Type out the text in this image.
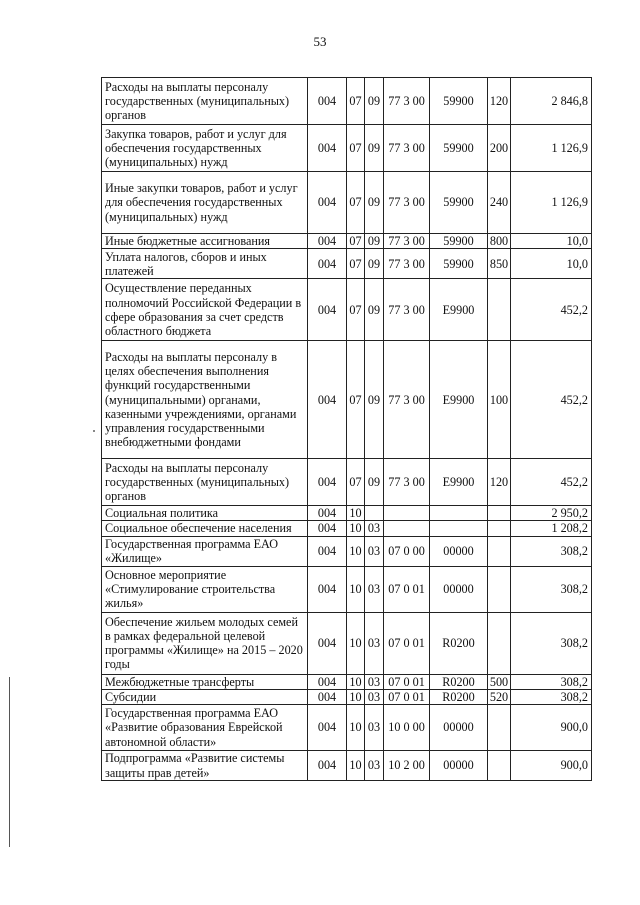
53
Расходы на выплаты персоналу государственных (муниципальных) органов	004	07	09	77 3 00	59900	120	2 846,8
Закупка товаров, работ и услуг для обеспечения государственных (муниципальных) нужд	004	07	09	77 3 00	59900	200	1 126,9
Иные закупки товаров, работ и услуг для обеспечения государственных (муниципальных) нужд	004	07	09	77 3 00	59900	240	1 126,9
Иные бюджетные ассигнования	004	07	09	77 3 00	59900	800	10,0
Уплата налогов, сборов и иных платежей	004	07	09	77 3 00	59900	850	10,0
Осуществление переданных полномочий Российской Федерации в сфере образования за счет средств областного бюджета	004	07	09	77 3 00	E9900		452,2
Расходы на выплаты персоналу в целях обеспечения выполнения функций государственными (муниципальными) органами, казенными учреждениями, органами управления государственными внебюджетными фондами	004	07	09	77 3 00	E9900	100	452,2
Расходы на выплаты персоналу государственных (муниципальных) органов	004	07	09	77 3 00	E9900	120	452,2
Социальная политика	004	10					2 950,2
Социальное обеспечение населения	004	10	03				1 208,2
Государственная программа ЕАО «Жилище»	004	10	03	07 0 00	00000		308,2
Основное мероприятие «Стимулирование строительства жилья»	004	10	03	07 0 01	00000		308,2
Обеспечение жильем молодых семей в рамках федеральной целевой программы «Жилище» на 2015 – 2020 годы	004	10	03	07 0 01	R0200		308,2
Межбюджетные трансферты	004	10	03	07 0 01	R0200	500	308,2
Субсидии	004	10	03	07 0 01	R0200	520	308,2
Государственная программа ЕАО «Развитие образования Еврейской автономной области»	004	10	03	10 0 00	00000		900,0
Подпрограмма «Развитие системы защиты прав детей»	004	10	03	10 2 00	00000		900,0
